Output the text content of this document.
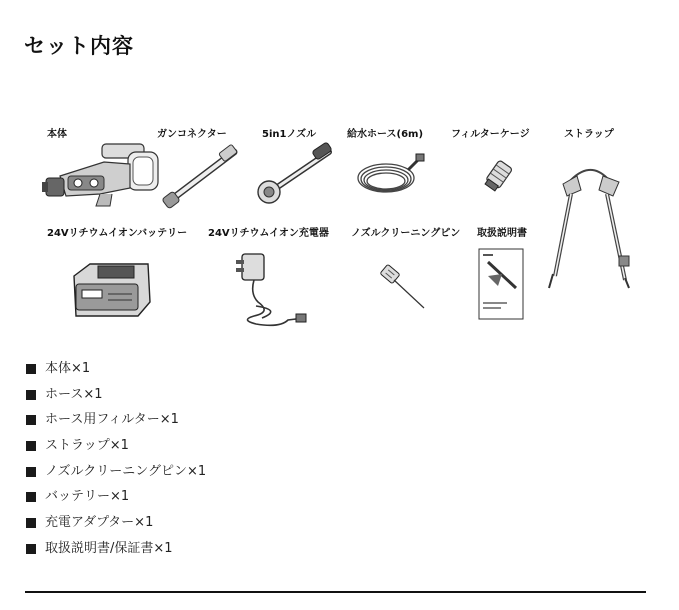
セット内容
本体	ガンコネクター	5in1ノズル	給水ホース(6m)	フィルターケージ	ストラップ
24Vリチウムイオンバッテリー 24Vリチウムイオン充電器 ノズルクリーニングピン 取扱説明書
本体×1
ホース×1
ホース用フィルター×1
ストラップ×1
ノズルクリーニングピン×1
バッテリー×1
充電アダプター×1
取扱説明書/保証書×1
